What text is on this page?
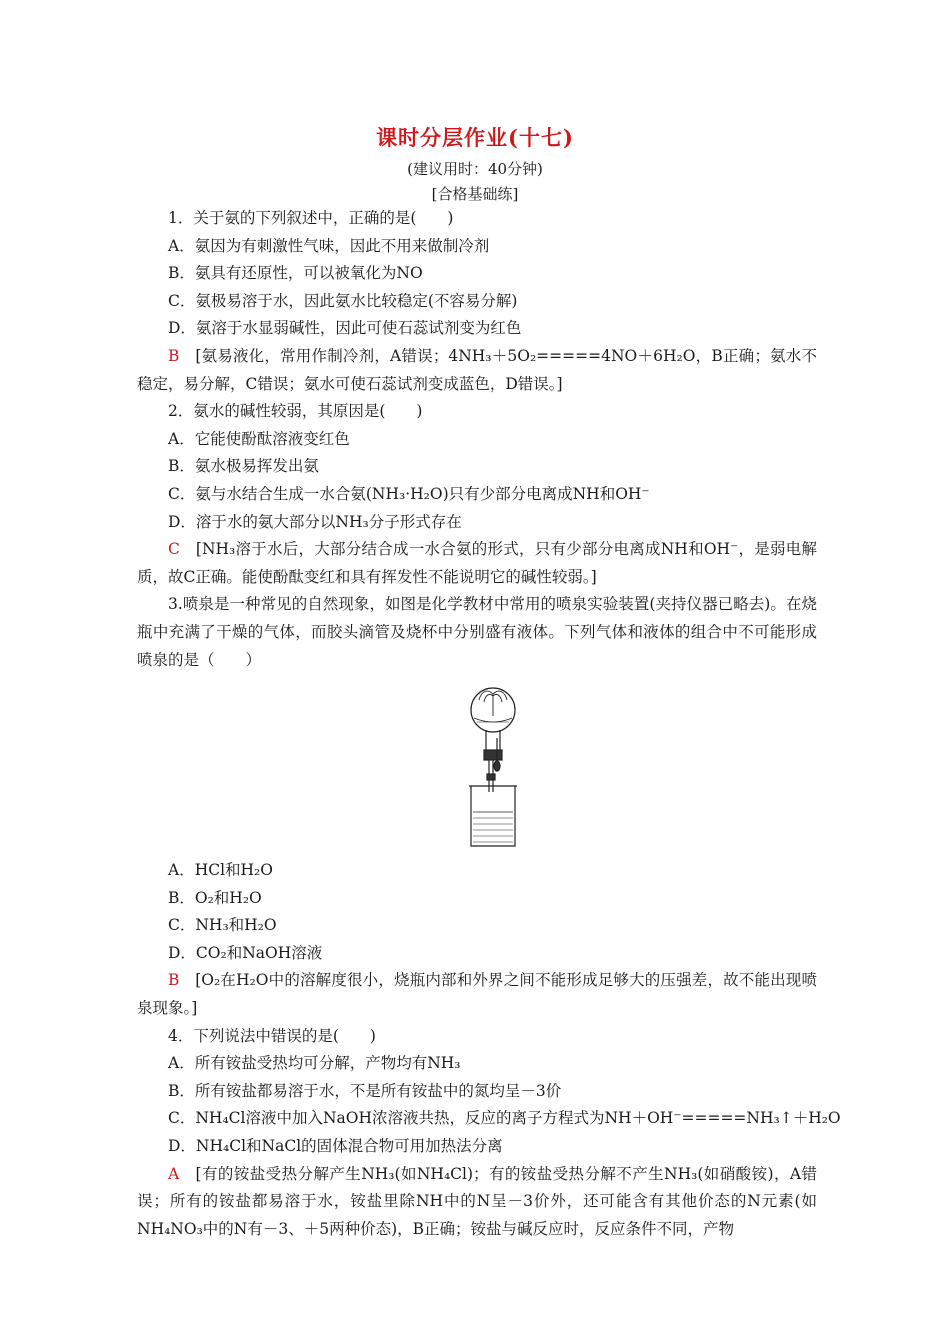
课时分层作业(十七)
(建议用时：40分钟)
[合格基础练]

1．关于氨的下列叙述中，正确的是(　　)

A．氨因为有刺激性气味，因此不用来做制冷剂

B．氨具有还原性，可以被氧化为NO

C．氨极易溶于水，因此氨水比较稳定(不容易分解)

D．氨溶于水显弱碱性，因此可使石蕊试剂变为红色

B　 [氨易液化，常用作制冷剂，A错误；4NH₃＋5O₂=====4NO＋6H₂O，B正确；氨水不稳定，易分解，C错误；氨水可使石蕊试剂变成蓝色，D错误。]

2．氨水的碱性较弱，其原因是(　　)

A．它能使酚酞溶液变红色

B．氨水极易挥发出氨

C．氨与水结合生成一水合氨(NH₃·H₂O)只有少部分电离成NH和OH⁻

D．溶于水的氨大部分以NH₃分子形式存在

C　 [NH₃溶于水后，大部分结合成一水合氨的形式，只有少部分电离成NH和OH⁻，是弱电解质，故C正确。能使酚酞变红和具有挥发性不能说明它的碱性较弱。]

3.喷泉是一种常见的自然现象，如图是化学教材中常用的喷泉实验装置(夹持仪器已略去)。在烧瓶中充满了干燥的气体，而胶头滴管及烧杯中分别盛有液体。下列气体和液体的组合中不可能形成喷泉的是（　　）

A．HCl和H₂O

B．O₂和H₂O

C．NH₃和H₂O

D．CO₂和NaOH溶液

B　 [O₂在H₂O中的溶解度很小，烧瓶内部和外界之间不能形成足够大的压强差，故不能出现喷泉现象。]

4．下列说法中错误的是(　　)

A．所有铵盐受热均可分解，产物均有NH₃

B．所有铵盐都易溶于水，不是所有铵盐中的氮均呈－3价

C．NH₄Cl溶液中加入NaOH浓溶液共热，反应的离子方程式为NH＋OH⁻=====NH₃↑＋H₂O

D．NH₄Cl和NaCl的固体混合物可用加热法分离

A　 [有的铵盐受热分解产生NH₃(如NH₄Cl)；有的铵盐受热分解不产生NH₃(如硝酸铵)，A错误；所有的铵盐都易溶于水，铵盐里除NH中的N呈－3价外，还可能含有其他价态的N元素(如NH₄NO₃中的N有－3、＋5两种价态)，B正确；铵盐与碱反应时，反应条件不同，产物
